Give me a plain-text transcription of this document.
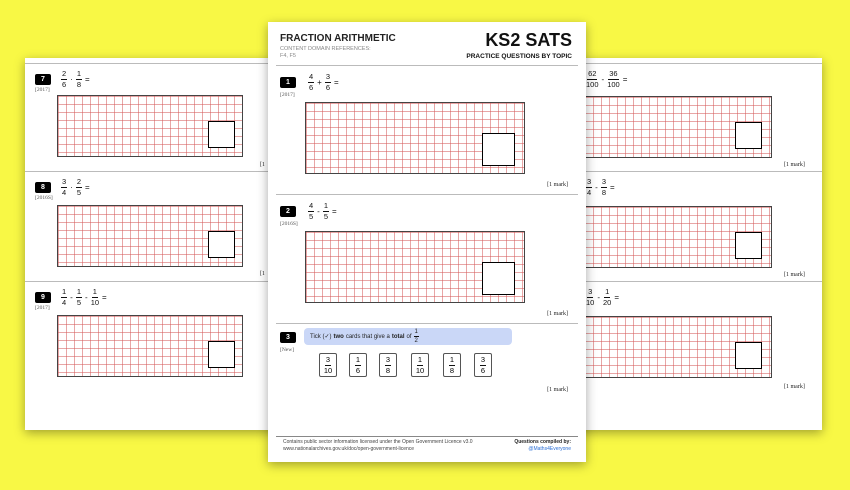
7
[2017]
$\frac{2}{6} \cdot \frac{1}{8}$ =
[1
8
[2016S]
$\frac{3}{4} \cdot \frac{2}{5}$ =
[1
9
[2017]
$\frac{1}{4} - \frac{1}{5} - \frac{1}{10}$ =
$\frac{62}{100} - \frac{36}{100}$ =
[1 mark]
$\frac{3}{4} - \frac{3}{8}$ =
[1 mark]
$\frac{3}{10} - \frac{1}{20}$ =
[1 mark]
FRACTION ARITHMETIC
CONTENT DOMAIN REFERENCES:
F4, F5
KS2 SATS
PRACTICE QUESTIONS BY TOPIC
1
[2017]
$\frac{4}{6} + \frac{3}{6}$ =
[1 mark]
2
[2016S]
$\frac{4}{5} - \frac{1}{5}$ =
[1 mark]
3
[New]
Tick (✓) two cards that give a total of $\frac{1}{2}$
$\frac{3}{10}$	$\frac{1}{6}$	$\frac{3}{8}$	$\frac{1}{10}$	$\frac{1}{8}$	$\frac{3}{6}$
[1 mark]
Contains public sector information licensed under the Open Government Licence v3.0
www.nationalarchives.gov.uk/doc/open-government-licence
Questions compiled by:
@Maths4Everyone
